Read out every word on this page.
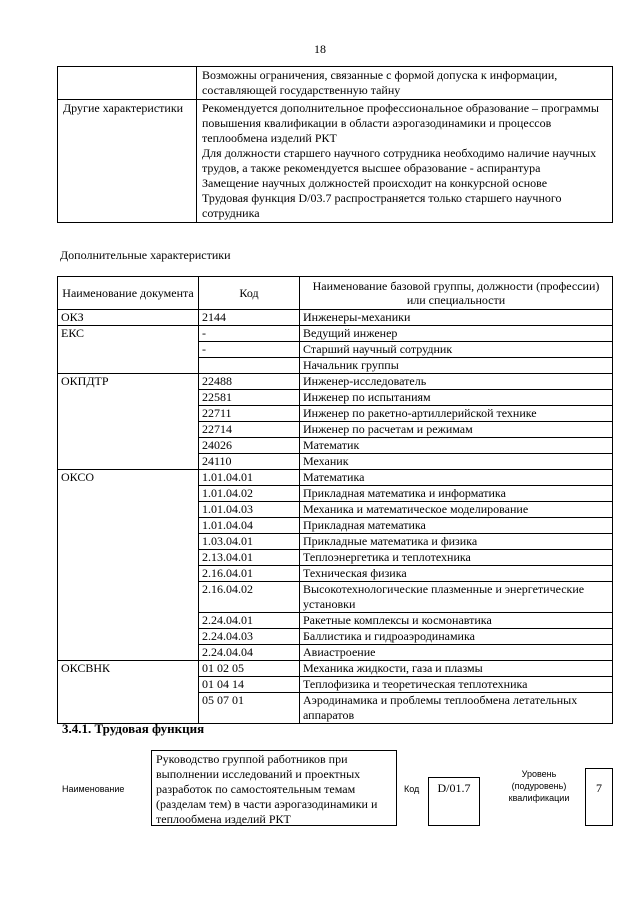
18

	Возможны ограничения, связанные с формой допуска к информации, составляющей государственную тайну

Другие характеристики	Рекомендуется дополнительное профессиональное образование – программы повышения квалификации в области аэрогазодинамики и процессов теплообмена изделий РКТ
Для должности старшего научного сотрудника необходимо наличие научных трудов, а также рекомендуется высшее образование - аспирантура
Замещение научных должностей происходит на конкурсной основе
Трудовая функция D/03.7 распространяется только старшего научного сотрудника
Дополнительные характеристики
Наименование документа	Код	Наименование базовой группы, должности (профессии) или специальности
ОКЗ	2144	Инженеры-механики
ЕКС	-	Ведущий инженер
	-	Старший научный сотрудник
		Начальник группы
ОКПДТР	22488	Инженер-исследователь
	22581	Инженер по испытаниям
	22711	Инженер по ракетно-артиллерийской технике
	22714	Инженер по расчетам и режимам
	24026	Математик
	24110	Механик
ОКСО	1.01.04.01	Математика
	1.01.04.02	Прикладная математика и информатика
	1.01.04.03	Механика и математическое моделирование
	1.01.04.04	Прикладная математика
	1.03.04.01	Прикладные математика и физика
	2.13.04.01	Теплоэнергетика и теплотехника
	2.16.04.01	Техническая физика
	2.16.04.02	Высокотехнологические плазменные и энергетические установки
	2.24.04.01	Ракетные комплексы и космонавтика
	2.24.04.03	Баллистика и гидроаэродинамика
	2.24.04.04	Авиастроение
ОКСВНК	01 02 05	Механика жидкости, газа и плазмы
	01 04 14	Теплофизика и теоретическая теплотехника
	05 07 01	Аэродинамика и проблемы теплообмена летательных аппаратов
3.4.1. Трудовая функция
Наименование
Руководство группой работников при выполнении исследований и проектных разработок по самостоятельным темам (разделам тем) в части аэрогазодинамики и теплообмена изделий РКТ
Код	D/01.7
Уровень (подуровень) квалификации
7
